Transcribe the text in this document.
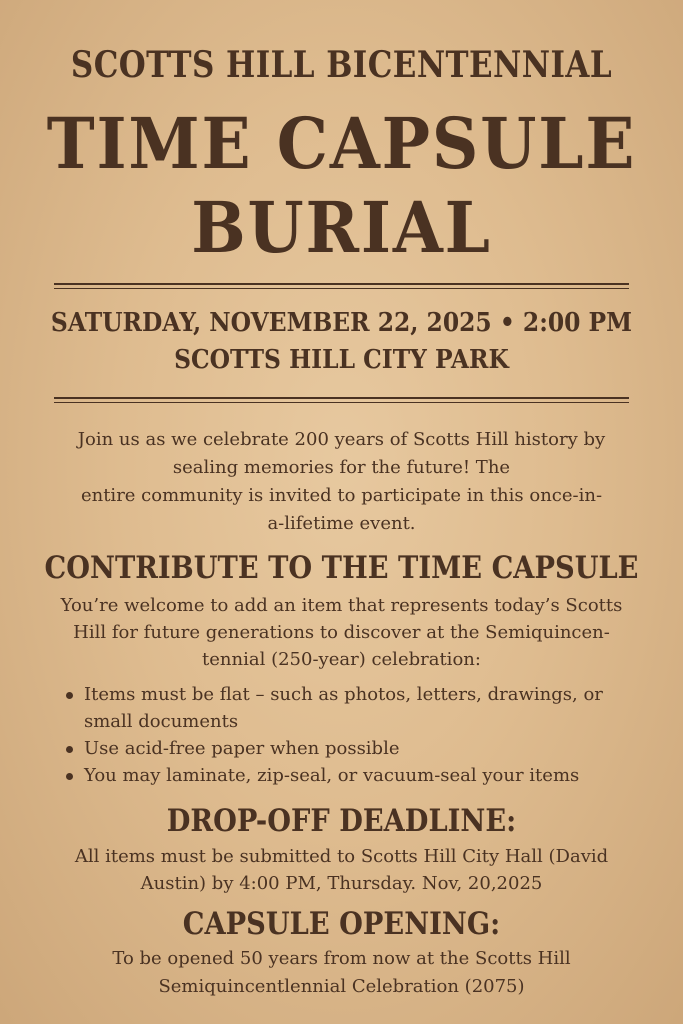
SCOTTS HILL BICENTENNIAL
TIME CAPSULE
BURIAL
SATURDAY, NOVEMBER 22, 2025 • 2:00 PM
SCOTTS HILL CITY PARK
Join us as we celebrate 200 years of Scotts Hill history by
sealing memories for the future! The
entire community is invited to participate in this once-in-
a-lifetime event.
CONTRIBUTE TO THE TIME CAPSULE
You’re welcome to add an item that represents today’s Scotts
Hill for future generations to discover at the Semiquincen-
tennial (250-year) celebration:
Items must be flat – such as photos, letters, drawings, or
small documents
Use acid-free paper when possible
You may laminate, zip-seal, or vacuum-seal your items
DROP-OFF DEADLINE:
All items must be submitted to Scotts Hill City Hall (David
Austin) by 4:00 PM, Thursday. Nov, 20,2025
CAPSULE OPENING:
To be opened 50 years from now at the Scotts Hill
Semiquincentlennial Celebration (2075)
